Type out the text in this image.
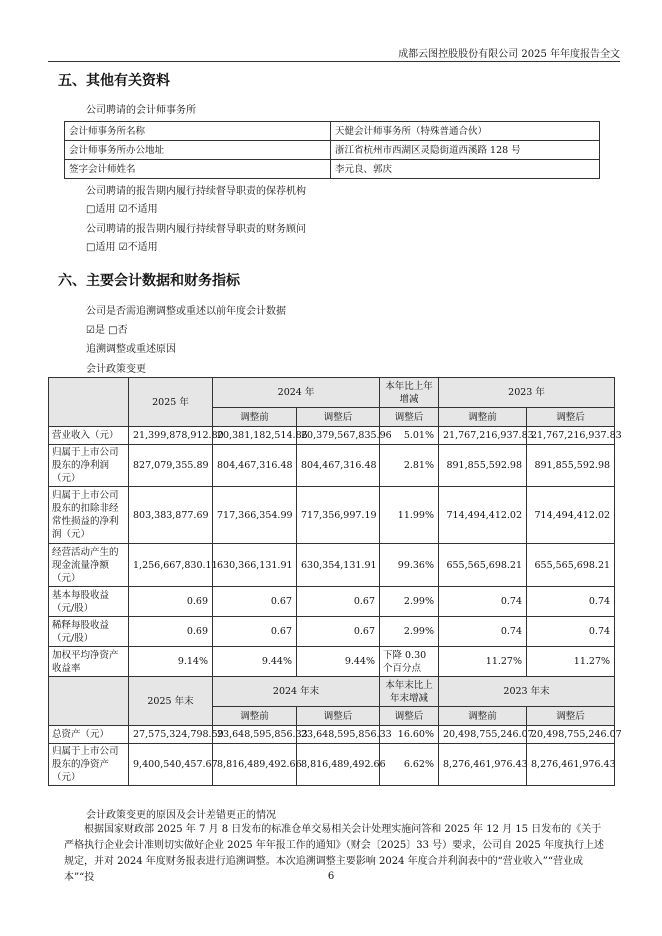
成都云图控股股份有限公司 2025 年年度报告全文
五、其他有关资料
公司聘请的会计师事务所
会计师事务所名称	天健会计师事务所（特殊普通合伙）
会计师事务所办公地址	浙江省杭州市西湖区灵隐街道西溪路 128 号
签字会计师姓名	李元良、郭庆
公司聘请的报告期内履行持续督导职责的保荐机构
□适用 ☑不适用
公司聘请的报告期内履行持续督导职责的财务顾问
□适用 ☑不适用
六、主要会计数据和财务指标
公司是否需追溯调整或重述以前年度会计数据
☑是 □否
追溯调整或重述原因
会计政策变更
	2025 年	2024 年		本年比上年增减	2023 年	
		调整前	调整后	调整后	调整前	调整后
营业收入（元）	21,399,878,912.80	20,381,182,514.86	20,379,567,835.96	5.01%	21,767,216,937.83	21,767,216,937.83
归属于上市公司股东的净利润（元）	827,079,355.89	804,467,316.48	804,467,316.48	2.81%	891,855,592.98	891,855,592.98
归属于上市公司股东的扣除非经常性损益的净利润（元）	803,383,877.69	717,366,354.99	717,356,997.19	11.99%	714,494,412.02	714,494,412.02
经营活动产生的现金流量净额（元）	1,256,667,830.11	630,366,131.91	630,354,131.91	99.36%	655,565,698.21	655,565,698.21
基本每股收益（元/股）	0.69	0.67	0.67	2.99%	0.74	0.74
稀释每股收益（元/股）	0.69	0.67	0.67	2.99%	0.74	0.74
加权平均净资产收益率	9.14%	9.44%	9.44%	下降 0.30 个百分点	11.27%	11.27%
	2025 年末	2024 年末		本年末比上年末增减	2023 年末	
		调整前	调整后	调整后	调整前	调整后
总资产（元）	27,575,324,798.59	23,648,595,856.33	23,648,595,856.33	16.60%	20,498,755,246.07	20,498,755,246.07
归属于上市公司股东的净资产（元）	9,400,540,457.67	8,816,489,492.66	8,816,489,492.66	6.62%	8,276,461,976.43	8,276,461,976.43
会计政策变更的原因及会计差错更正的情况
根据国家财政部 2025 年 7 月 8 日发布的标准仓单交易相关会计处理实施问答和 2025 年 12 月 15 日发布的《关于严格执行企业会计准则切实做好企业 2025 年年报工作的通知》（财会〔2025〕33 号）要求，公司自 2025 年度执行上述规定，并对 2024 年度财务报表进行追溯调整。本次追溯调整主要影响 2024 年度合并利润表中的“营业收入”“营业成本”“投	6
